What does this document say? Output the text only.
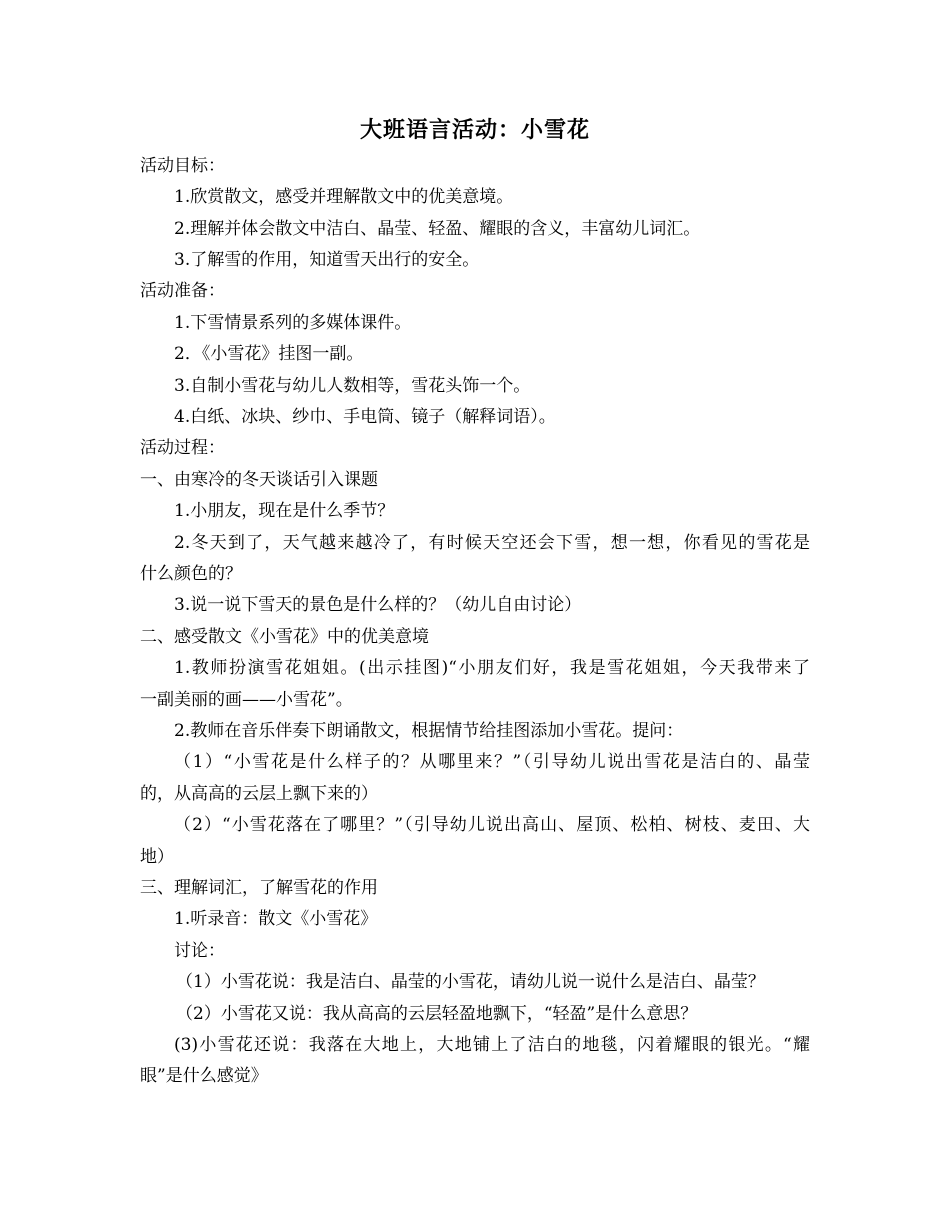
大班语言活动：小雪花
活动目标：
1.欣赏散文，感受并理解散文中的优美意境。
2.理解并体会散文中洁白、晶莹、轻盈、耀眼的含义，丰富幼儿词汇。
3.了解雪的作用，知道雪天出行的安全。
活动准备：
1.下雪情景系列的多媒体课件。
2．《小雪花》挂图一副。
3.自制小雪花与幼儿人数相等，雪花头饰一个。
4.白纸、冰块、纱巾、手电筒、镜子（解释词语）。
活动过程：
一、由寒冷的冬天谈话引入课题
1.小朋友，现在是什么季节？
2.冬天到了，天气越来越冷了，有时候天空还会下雪，想一想，你看见的雪花是
什么颜色的？
3.说一说下雪天的景色是什么样的？（幼儿自由讨论）
二、感受散文《小雪花》中的优美意境
1.教师扮演雪花姐姐。(出示挂图)“小朋友们好，我是雪花姐姐，今天我带来了
一副美丽的画——小雪花”。
2.教师在音乐伴奏下朗诵散文，根据情节给挂图添加小雪花。提问：
（1）“小雪花是什么样子的？从哪里来？”（引导幼儿说出雪花是洁白的、晶莹
的，从高高的云层上飘下来的）
（2）“小雪花落在了哪里？”（引导幼儿说出高山、屋顶、松柏、树枝、麦田、大
地）
三、理解词汇，了解雪花的作用
1.听录音：散文《小雪花》
讨论：
（1）小雪花说：我是洁白、晶莹的小雪花，请幼儿说一说什么是洁白、晶莹？
（2）小雪花又说：我从高高的云层轻盈地飘下，“轻盈”是什么意思？
(3)小雪花还说：我落在大地上，大地铺上了洁白的地毯，闪着耀眼的银光。“耀
眼”是什么感觉》
